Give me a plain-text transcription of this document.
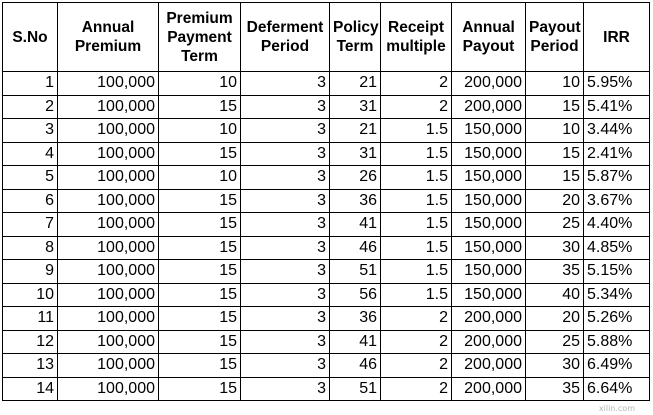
S.No	Annual Premium	Premium Payment Term	Deferment Period	Policy Term	Receipt multiple	Annual Payout	Payout Period	IRR
1	100,000	10	3	21	2	200,000	10	5.95%
2	100,000	15	3	31	2	200,000	15	5.41%
3	100,000	10	3	21	1.5	150,000	10	3.44%
4	100,000	15	3	31	1.5	150,000	15	2.41%
5	100,000	10	3	26	1.5	150,000	15	5.87%
6	100,000	15	3	36	1.5	150,000	20	3.67%
7	100,000	15	3	41	1.5	150,000	25	4.40%
8	100,000	15	3	46	1.5	150,000	30	4.85%
9	100,000	15	3	51	1.5	150,000	35	5.15%
10	100,000	15	3	56	1.5	150,000	40	5.34%
11	100,000	15	3	36	2	200,000	20	5.26%
12	100,000	15	3	41	2	200,000	25	5.88%
13	100,000	15	3	46	2	200,000	30	6.49%
14	100,000	15	3	51	2	200,000	35	6.64%
xilin.com
